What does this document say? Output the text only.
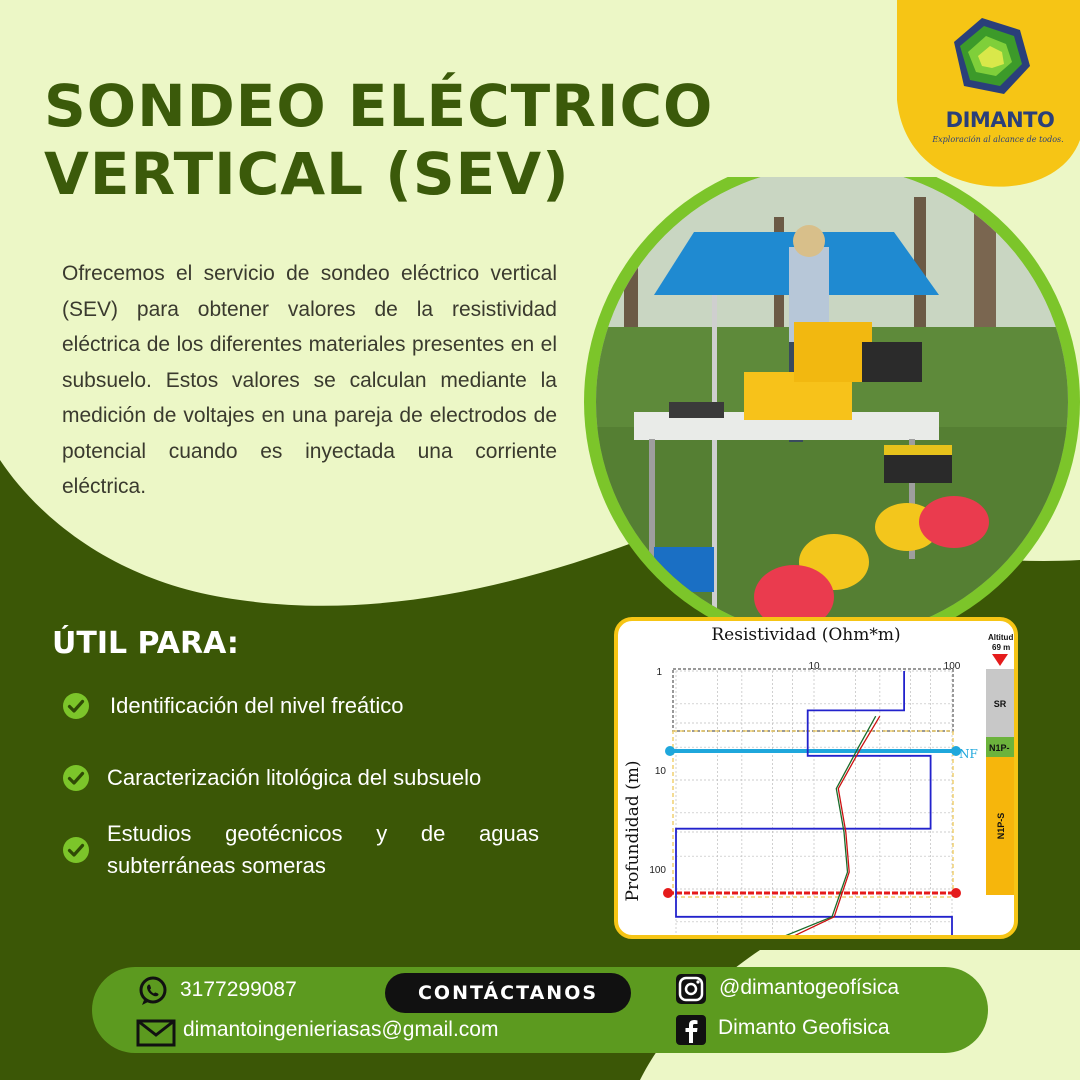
DIMANTO
Exploración al alcance de todos.
SONDEO ELÉCTRICO
VERTICAL (SEV)

Ofrecemos el servicio de sondeo eléctrico vertical (SEV) para obtener valores de la resistividad eléctrica de los diferentes materiales presentes en el subsuelo. Estos valores se calculan mediante la medición de voltajes en una pareja de electrodos de potencial cuando es inyectada una corriente eléctrica.

ÚTIL PARA:
Identificación del nivel freático
Caracterización litológica del subsuelo
Estudios geotécnicos y de aguas subterráneas someras
Resistividad (Ohm*m)
Profundidad (m)
10	100
1
10
100
NF
Altitud
69 m
SR
N1P-
N1P-S
3177299087
dimantoingenieriasas@gmail.com
CONTÁCTANOS	@dimantogeofísica
Dimanto Geofisica
